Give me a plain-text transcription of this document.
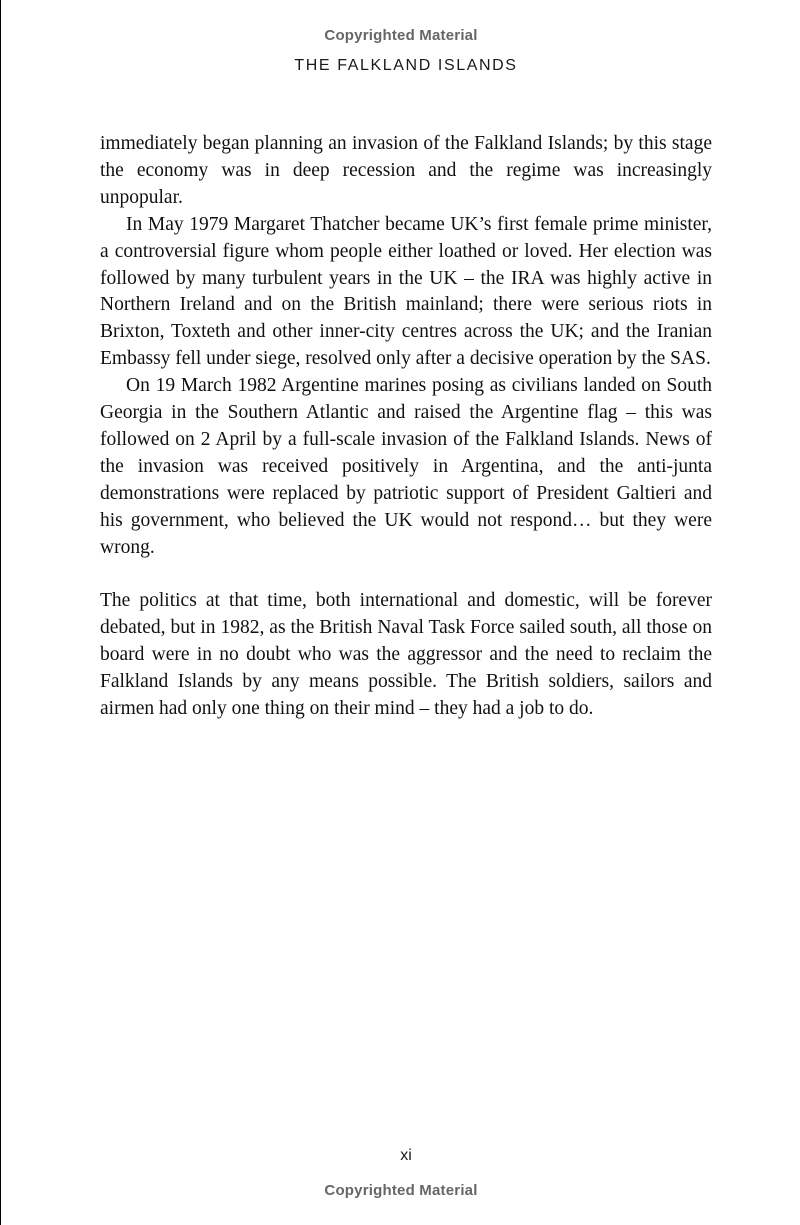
Copyrighted Material
THE FALKLAND ISLANDS

immediately began planning an invasion of the Falkland Islands; by this stage the economy was in deep recession and the regime was increasingly unpopular.

In May 1979 Margaret Thatcher became UK’s first female prime minister, a controversial figure whom people either loathed or loved. Her election was followed by many turbulent years in the UK – the IRA was highly active in Northern Ireland and on the British mainland; there were serious riots in Brixton, Toxteth and other inner-city centres across the UK; and the Iranian Embassy fell under siege, resolved only after a decisive operation by the SAS.

On 19 March 1982 Argentine marines posing as civilians landed on South Georgia in the Southern Atlantic and raised the Argentine flag – this was followed on 2 April by a full-scale invasion of the Falkland Islands. News of the invasion was received positively in Argentina, and the anti-junta demonstrations were replaced by patriotic support of President Galtieri and his government, who believed the UK would not respond… but they were wrong.

The politics at that time, both international and domestic, will be forever debated, but in 1982, as the British Naval Task Force sailed south, all those on board were in no doubt who was the aggressor and the need to reclaim the Falkland Islands by any means possible. The British soldiers, sailors and airmen had only one thing on their mind – they had a job to do.

xi
Copyrighted Material
